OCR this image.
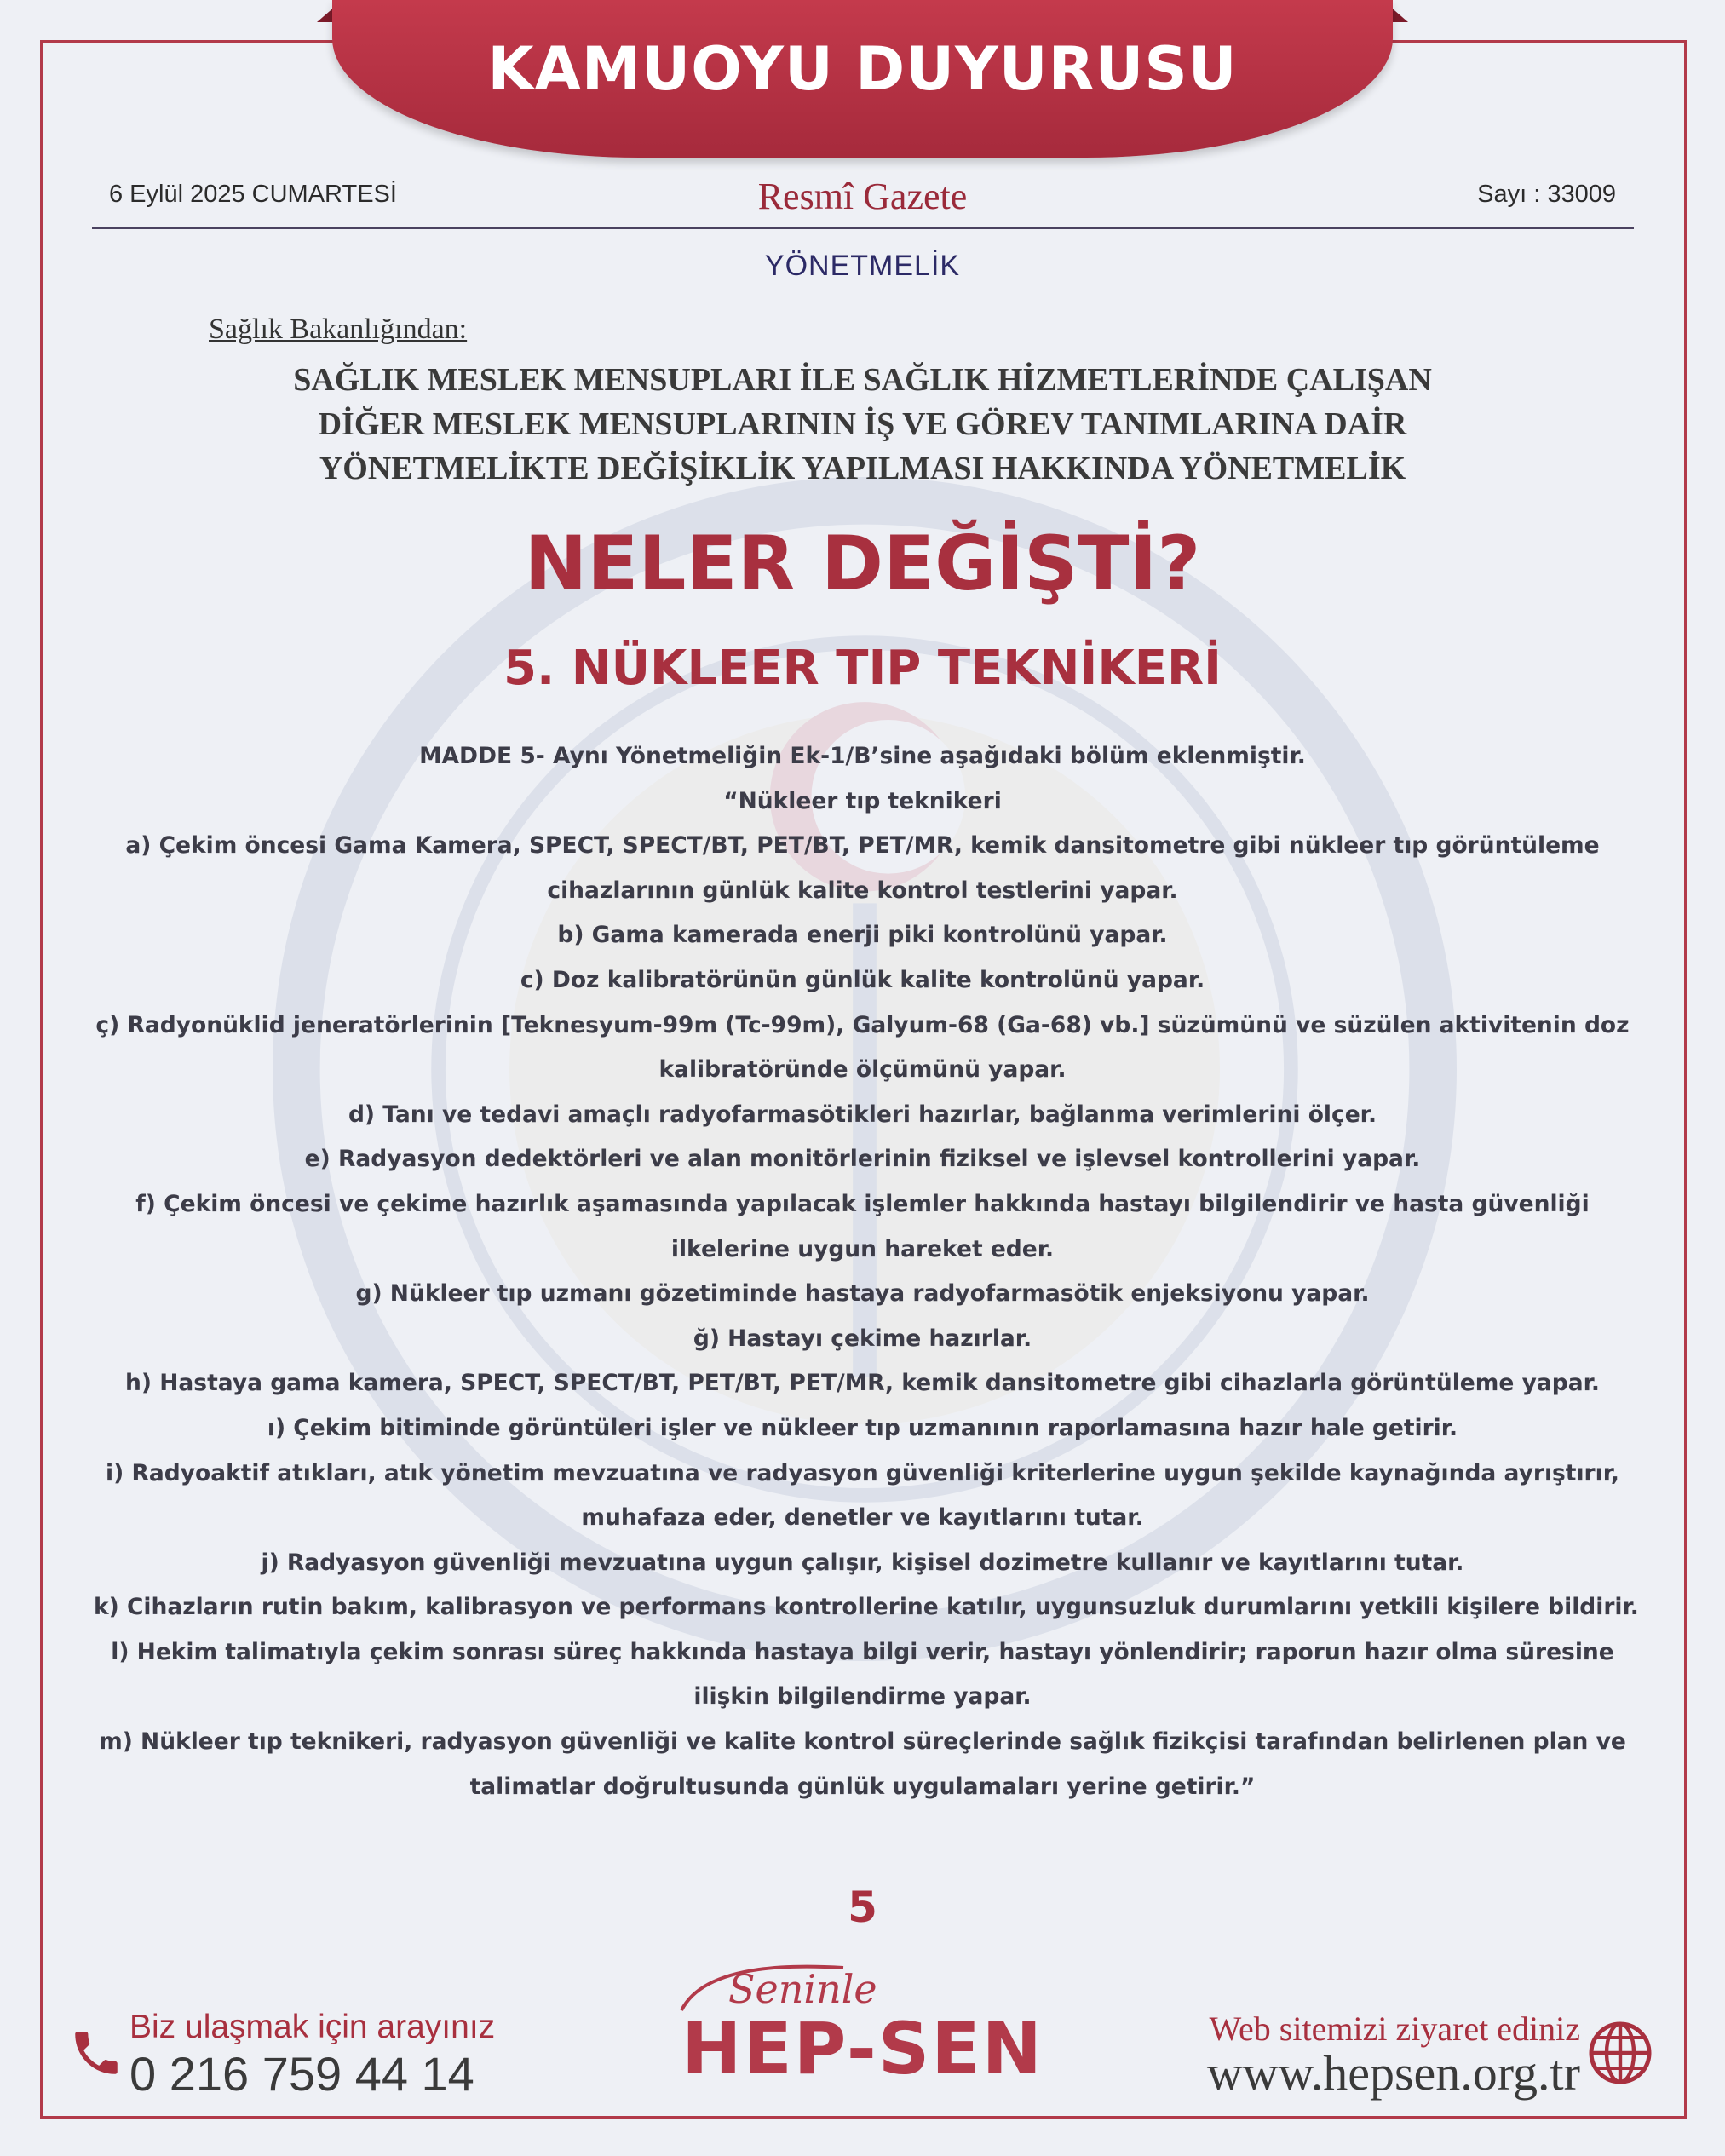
KAMUOYU DUYURUSU
6 Eylül 2025 CUMARTESİ	Resmî Gazete	Sayı : 33009
YÖNETMELİK
Sağlık Bakanlığından:
SAĞLIK MESLEK MENSUPLARI İLE SAĞLIK HİZMETLERİNDE ÇALIŞAN
DİĞER MESLEK MENSUPLARININ İŞ VE GÖREV TANIMLARINA DAİR
YÖNETMELİKTE DEĞİŞİKLİK YAPILMASI HAKKINDA YÖNETMELİK
NELER DEĞİŞTİ?
5. NÜKLEER TIP TEKNİKERİ
MADDE 5- Aynı Yönetmeliğin Ek-1/B’sine aşağıdaki bölüm eklenmiştir.
“Nükleer tıp teknikeri
a) Çekim öncesi Gama Kamera, SPECT, SPECT/BT, PET/BT, PET/MR, kemik dansitometre gibi nükleer tıp görüntüleme
cihazlarının günlük kalite kontrol testlerini yapar.
b) Gama kamerada enerji piki kontrolünü yapar.
c) Doz kalibratörünün günlük kalite kontrolünü yapar.
ç) Radyonüklid jeneratörlerinin [Teknesyum-99m (Tc-99m), Galyum-68 (Ga-68) vb.] süzümünü ve süzülen aktivitenin doz
kalibratöründe ölçümünü yapar.
d) Tanı ve tedavi amaçlı radyofarmasötikleri hazırlar, bağlanma verimlerini ölçer.
e) Radyasyon dedektörleri ve alan monitörlerinin fiziksel ve işlevsel kontrollerini yapar.
f) Çekim öncesi ve çekime hazırlık aşamasında yapılacak işlemler hakkında hastayı bilgilendirir ve hasta güvenliği
ilkelerine uygun hareket eder.
g) Nükleer tıp uzmanı gözetiminde hastaya radyofarmasötik enjeksiyonu yapar.
ğ) Hastayı çekime hazırlar.
h) Hastaya gama kamera, SPECT, SPECT/BT, PET/BT, PET/MR, kemik dansitometre gibi cihazlarla görüntüleme yapar.
ı) Çekim bitiminde görüntüleri işler ve nükleer tıp uzmanının raporlamasına hazır hale getirir.
i) Radyoaktif atıkları, atık yönetim mevzuatına ve radyasyon güvenliği kriterlerine uygun şekilde kaynağında ayrıştırır,
muhafaza eder, denetler ve kayıtlarını tutar.
j) Radyasyon güvenliği mevzuatına uygun çalışır, kişisel dozimetre kullanır ve kayıtlarını tutar.
k) Cihazların rutin bakım, kalibrasyon ve performans kontrollerine katılır, uygunsuzluk durumlarını yetkili kişilere bildirir.
l) Hekim talimatıyla çekim sonrası süreç hakkında hastaya bilgi verir, hastayı yönlendirir; raporun hazır olma süresine
ilişkin bilgilendirme yapar.
m) Nükleer tıp teknikeri, radyasyon güvenliği ve kalite kontrol süreçlerinde sağlık fizikçisi tarafından belirlenen plan ve
talimatlar doğrultusunda günlük uygulamaları yerine getirir.”
5
Seninle
HEP-SEN
Biz ulaşmak için arayınız
0 216 759 44 14
Web sitemizi ziyaret ediniz
www.hepsen.org.tr
